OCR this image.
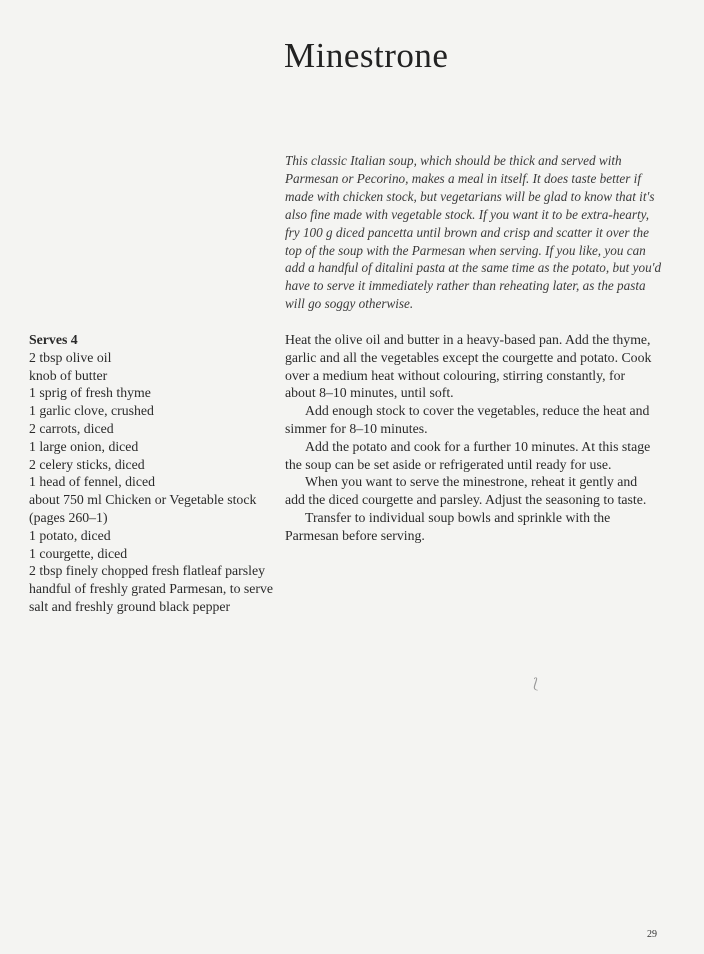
Minestrone

This classic Italian soup, which should be thick and served with Parmesan or Pecorino, makes a meal in itself. It does taste better if made with chicken stock, but vegetarians will be glad to know that it's also fine made with vegetable stock. If you want it to be extra-hearty, fry 100 g diced pancetta until brown and crisp and scatter it over the top of the soup with the Parmesan when serving. If you like, you can add a handful of ditalini pasta at the same time as the potato, but you'd have to serve it immediately rather than reheating later, as the pasta will go soggy otherwise.

Serves 4
2 tbsp olive oil
knob of butter
1 sprig of fresh thyme
1 garlic clove, crushed
2 carrots, diced
1 large onion, diced
2 celery sticks, diced
1 head of fennel, diced
about 750 ml Chicken or Vegetable stock (pages 260–1)
1 potato, diced
1 courgette, diced
2 tbsp finely chopped fresh flatleaf parsley
handful of freshly grated Parmesan, to serve
salt and freshly ground black pepper

Heat the olive oil and butter in a heavy-based pan. Add the thyme, garlic and all the vegetables except the courgette and potato. Cook over a medium heat without colouring, stirring constantly, for about 8–10 minutes, until soft.

Add enough stock to cover the vegetables, reduce the heat and simmer for 8–10 minutes.

Add the potato and cook for a further 10 minutes. At this stage the soup can be set aside or refrigerated until ready for use.

When you want to serve the minestrone, reheat it gently and add the diced courgette and parsley. Adjust the seasoning to taste.

Transfer to individual soup bowls and sprinkle with the Parmesan before serving.

⟅
29
